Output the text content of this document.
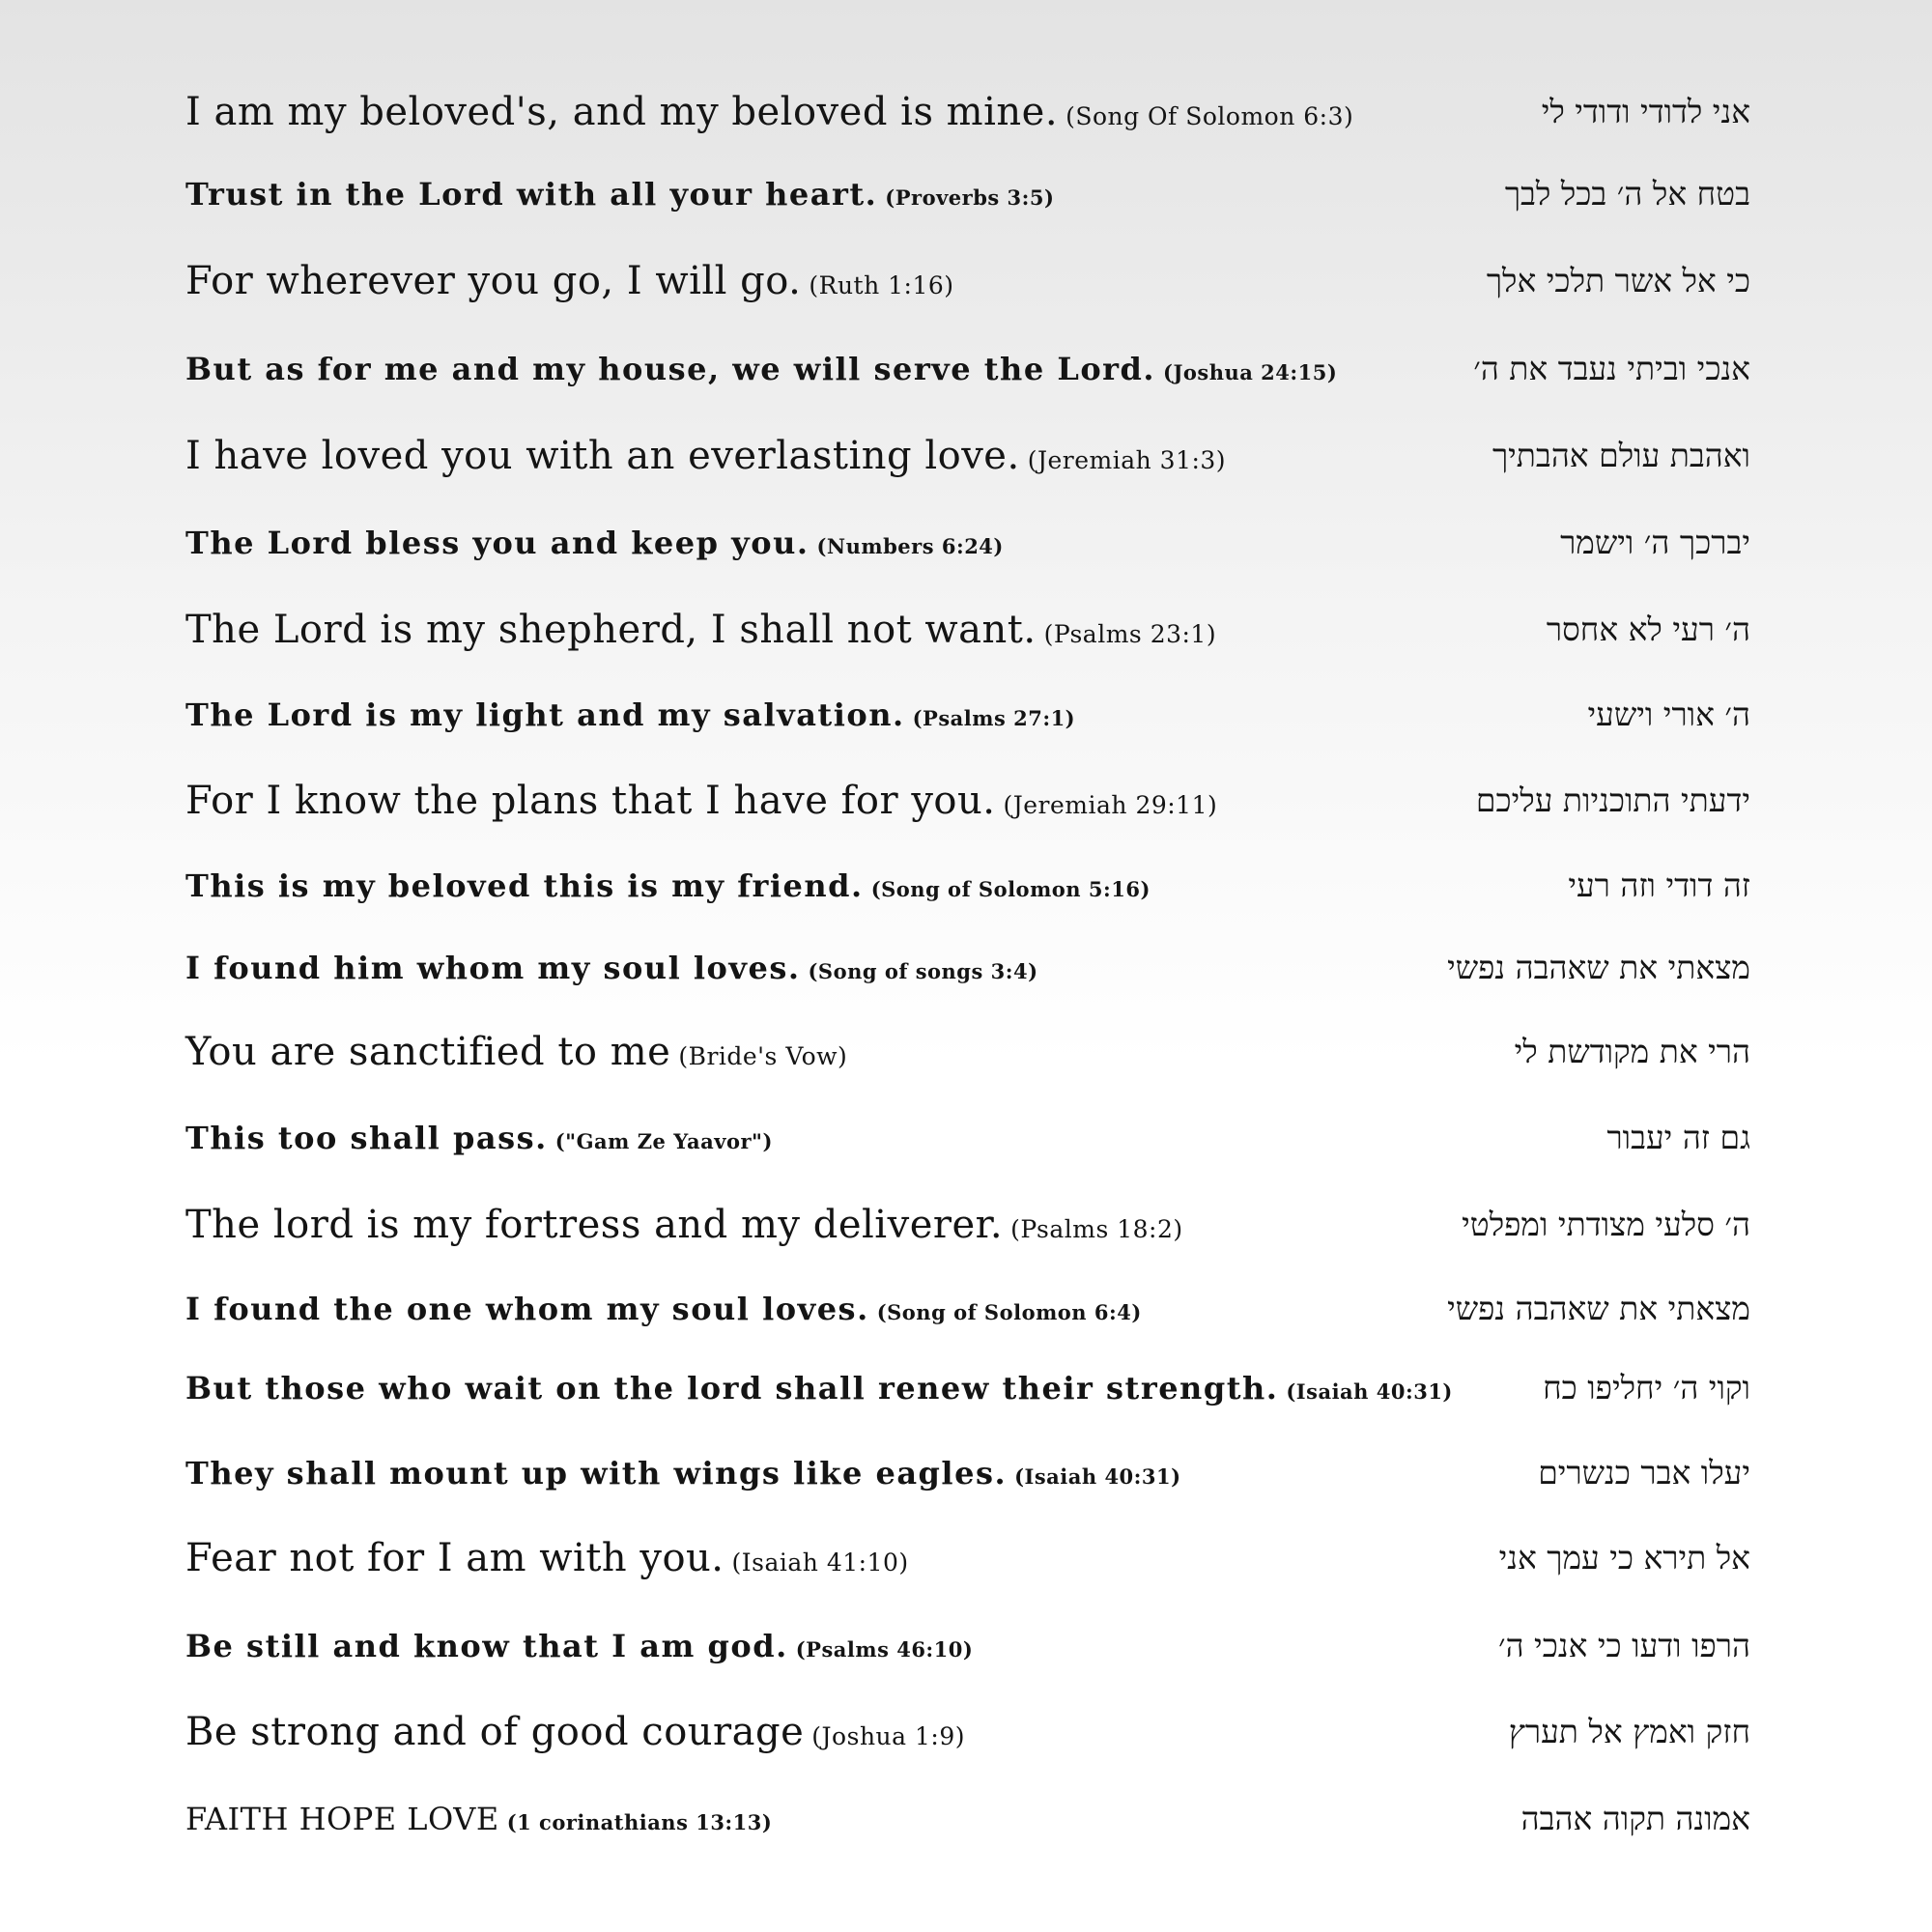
I am my beloved's, and my beloved is mine. (Song Of Solomon 6:3)	אני לדודי ודודי לי
Trust in the Lord with all your heart. (Proverbs 3:5)	בטח אל ה׳ בכל לבך
For wherever you go, I will go. (Ruth 1:16)	כי אל אשר תלכי אלך
But as for me and my house, we will serve the Lord. (Joshua 24:15)	אנכי וביתי נעבד את ה׳
I have loved you with an everlasting love. (Jeremiah 31:3)	ואהבת עולם אהבתיך
The Lord bless you and keep you. (Numbers 6:24)	יברכך ה׳ וישמר
The Lord is my shepherd, I shall not want. (Psalms 23:1)	ה׳ רעי לא אחסר
The Lord is my light and my salvation. (Psalms 27:1)	ה׳ אורי וישעי
For I know the plans that I have for you. (Jeremiah 29:11)	ידעתי התוכניות עליכם
This is my beloved this is my friend. (Song of Solomon 5:16)	זה דודי וזה רעי
I found him whom my soul loves. (Song of songs 3:4)	מצאתי את שאהבה נפשי
You are sanctified to me (Bride's Vow)	הרי את מקודשת לי
This too shall pass. ("Gam Ze Yaavor")	גם זה יעבור
The lord is my fortress and my deliverer. (Psalms 18:2)	ה׳ סלעי מצודתי ומפלטי
I found the one whom my soul loves. (Song of Solomon 6:4)	מצאתי את שאהבה נפשי
But those who wait on the lord shall renew their strength. (Isaiah 40:31)	וקוי ה׳ יחליפו כח
They shall mount up with wings like eagles. (Isaiah 40:31)	יעלו אבר כנשרים
Fear not for I am with you. (Isaiah 41:10)	אל תירא כי עמך אני
Be still and know that I am god. (Psalms 46:10)	הרפו ודעו כי אנכי ה׳
Be strong and of good courage (Joshua 1:9)	חזק ואמץ אל תערץ
FAITH HOPE LOVE (1 corinathians 13:13)	אמונה תקוה אהבה
